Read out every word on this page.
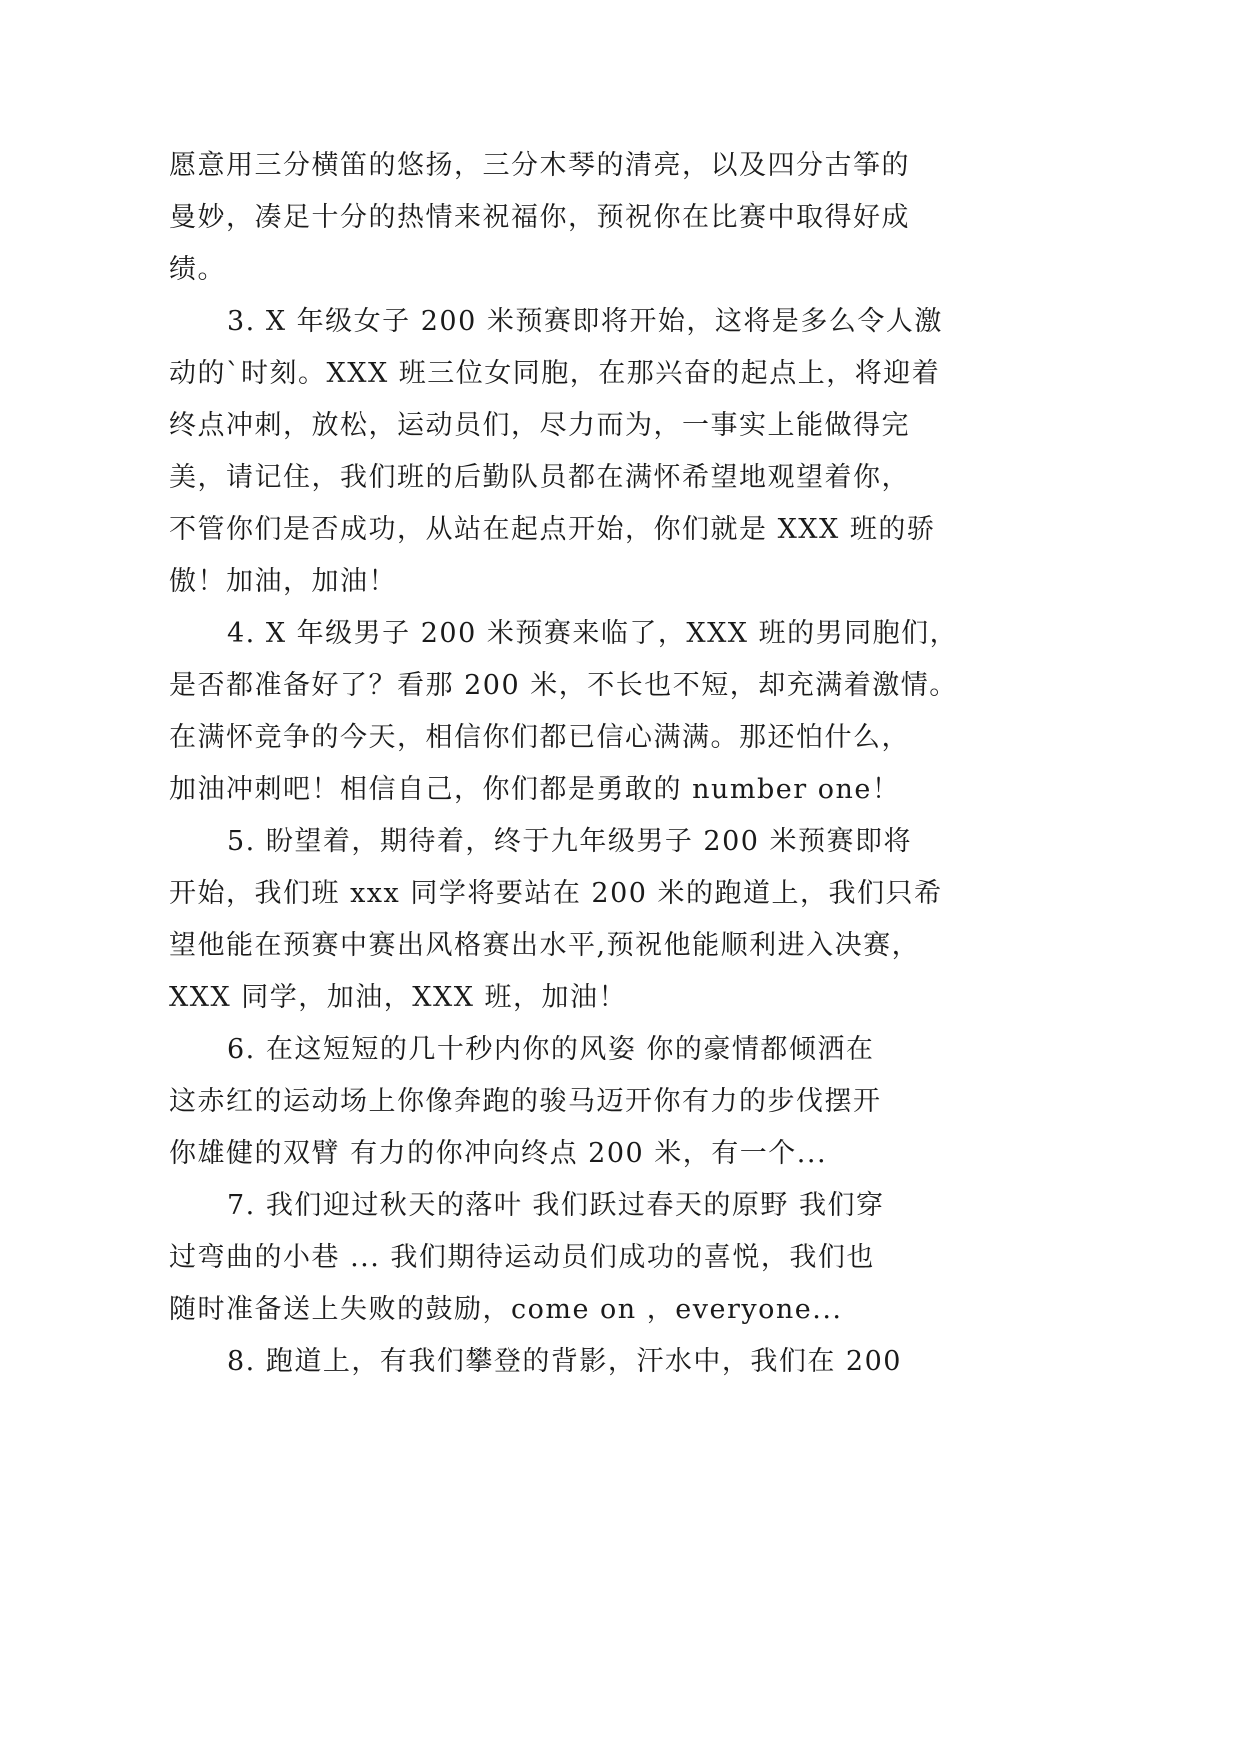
愿意用三分横笛的悠扬，三分木琴的清亮，以及四分古筝的
曼妙，凑足十分的热情来祝福你，预祝你在比赛中取得好成
绩。
3. X 年级女子 200 米预赛即将开始，这将是多么令人激
动的`时刻。XXX 班三位女同胞，在那兴奋的起点上，将迎着
终点冲刺，放松，运动员们，尽力而为，一事实上能做得完
美，请记住，我们班的后勤队员都在满怀希望地观望着你，
不管你们是否成功，从站在起点开始，你们就是 XXX 班的骄
傲！加油，加油！
4. X 年级男子 200 米预赛来临了，XXX 班的男同胞们，
是否都准备好了？看那 200 米，不长也不短，却充满着激情。
在满怀竞争的今天，相信你们都已信心满满。那还怕什么，
加油冲刺吧！相信自己，你们都是勇敢的 number one！
5. 盼望着，期待着，终于九年级男子 200 米预赛即将
开始，我们班 xxx 同学将要站在 200 米的跑道上，我们只希
望他能在预赛中赛出风格赛出水平,预祝他能顺利进入决赛，
XXX 同学，加油，XXX 班，加油！
6. 在这短短的几十秒内你的风姿 你的豪情都倾洒在
这赤红的运动场上你像奔跑的骏马迈开你有力的步伐摆开
你雄健的双臂 有力的你冲向终点 200 米，有一个...
7. 我们迎过秋天的落叶 我们跃过春天的原野 我们穿
过弯曲的小巷 ... 我们期待运动员们成功的喜悦，我们也
随时准备送上失败的鼓励，come on ，everyone...
8. 跑道上，有我们攀登的背影，汗水中，我们在 200
